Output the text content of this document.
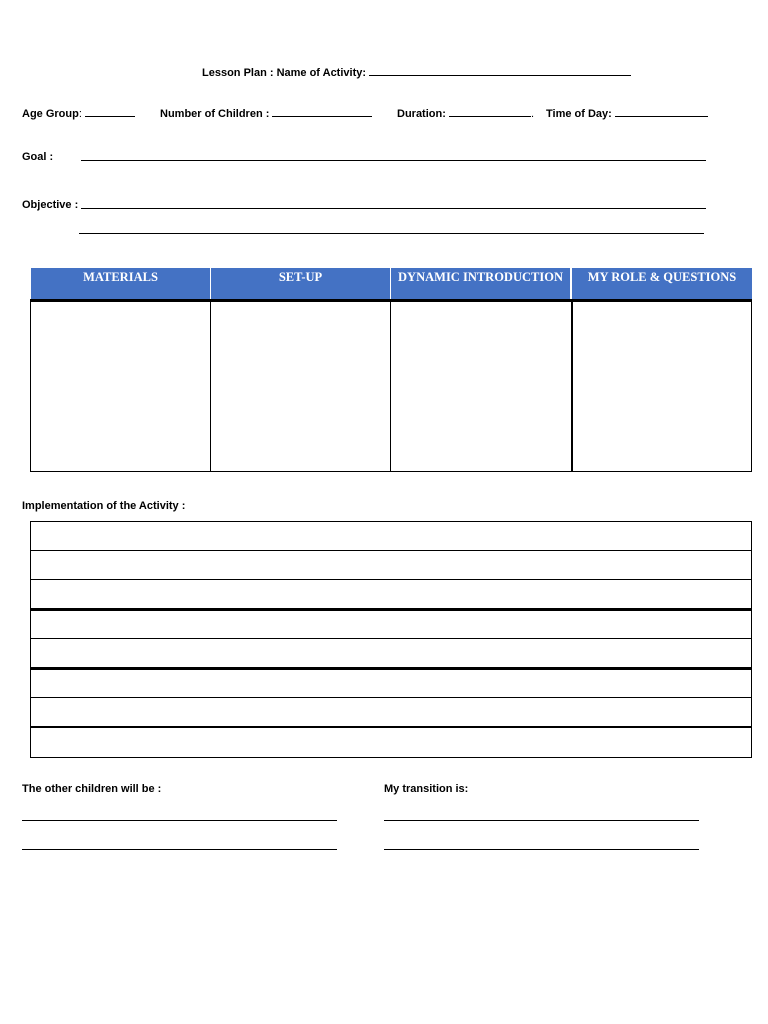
Lesson Plan : Name of Activity:
Age Group:	Number of Children :	Duration:	. Time of Day:
Goal :
Objective :
MATERIALS	SET-UP	DYNAMIC INTRODUCTION	MY ROLE & QUESTIONS
Implementation of the Activity :
The other children will be :	My transition is:
